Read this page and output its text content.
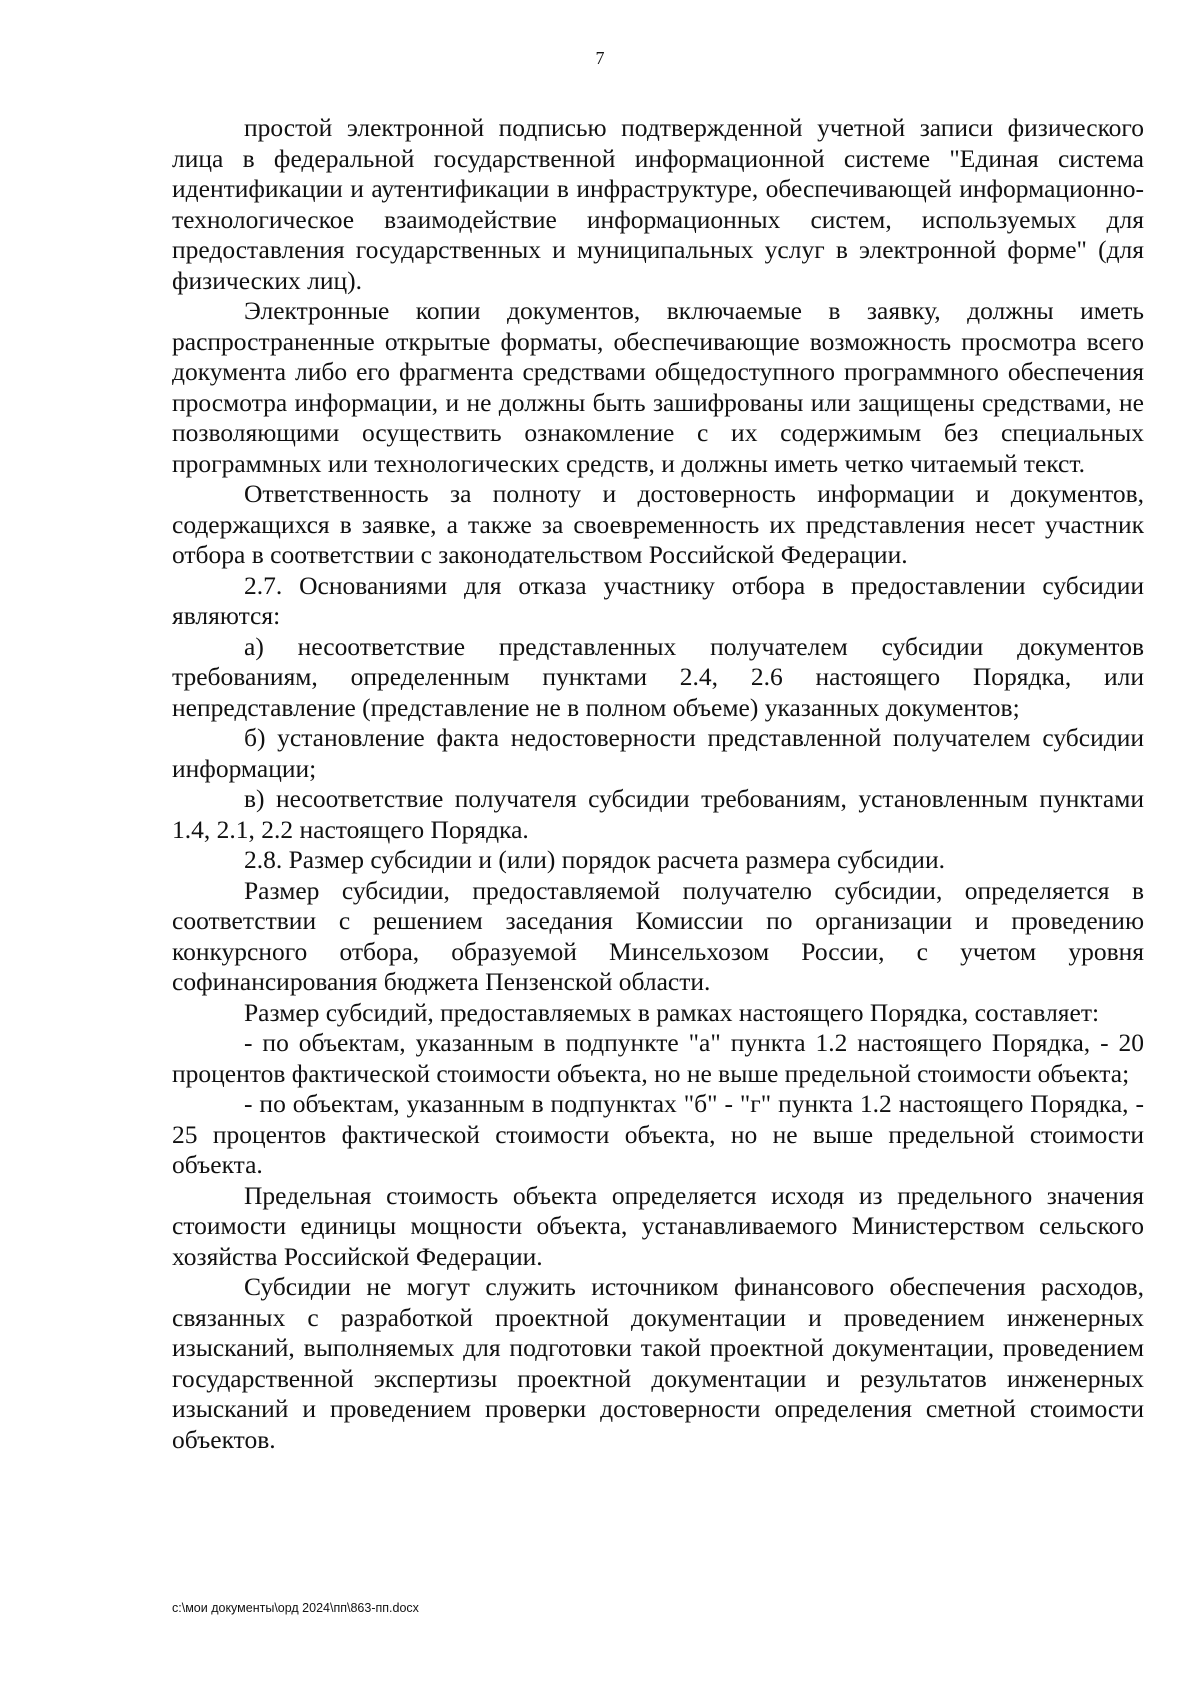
7

простой электронной подписью подтвержденной учетной записи физического лица в федеральной государственной информационной системе "Единая система идентификации и аутентификации в инфраструктуре, обеспечивающей информационно-технологическое взаимодействие информационных систем, используемых для предоставления государственных и муниципальных услуг в электронной форме" (для физических лиц).

Электронные копии документов, включаемые в заявку, должны иметь распространенные открытые форматы, обеспечивающие возможность просмотра всего документа либо его фрагмента средствами общедоступного программного обеспечения просмотра информации, и не должны быть зашифрованы или защищены средствами, не позволяющими осуществить ознакомление с их содержимым без специальных программных или технологических средств, и должны иметь четко читаемый текст.

Ответственность за полноту и достоверность информации и документов, содержащихся в заявке, а также за своевременность их представления несет участник отбора в соответствии с законодательством Российской Федерации.

2.7. Основаниями для отказа участнику отбора в предоставлении субсидии являются:

а) несоответствие представленных получателем субсидии документов требованиям, определенным пунктами 2.4, 2.6 настоящего Порядка, или непредставление (представление не в полном объеме) указанных документов;

б) установление факта недостоверности представленной получателем субсидии информации;

в) несоответствие получателя субсидии требованиям, установленным пунктами 1.4, 2.1, 2.2 настоящего Порядка.

2.8. Размер субсидии и (или) порядок расчета размера субсидии.

Размер субсидии, предоставляемой получателю субсидии, определяется в соответствии с решением заседания Комиссии по организации и проведению конкурсного отбора, образуемой Минсельхозом России, с учетом уровня софинансирования бюджета Пензенской области.

Размер субсидий, предоставляемых в рамках настоящего Порядка, составляет:

- по объектам, указанным в подпункте "а" пункта 1.2 настоящего Порядка, - 20 процентов фактической стоимости объекта, но не выше предельной стоимости объекта;

- по объектам, указанным в подпунктах "б" - "г" пункта 1.2 настоящего Порядка, - 25 процентов фактической стоимости объекта, но не выше предельной стоимости объекта.

Предельная стоимость объекта определяется исходя из предельного значения стоимости единицы мощности объекта, устанавливаемого Министерством сельского хозяйства Российской Федерации.

Субсидии не могут служить источником финансового обеспечения расходов, связанных с разработкой проектной документации и проведением инженерных изысканий, выполняемых для подготовки такой проектной документации, проведением государственной экспертизы проектной документации и результатов инженерных изысканий и проведением проверки достоверности определения сметной стоимости объектов.

c:\мои документы\орд 2024\пп\863-пп.docx
